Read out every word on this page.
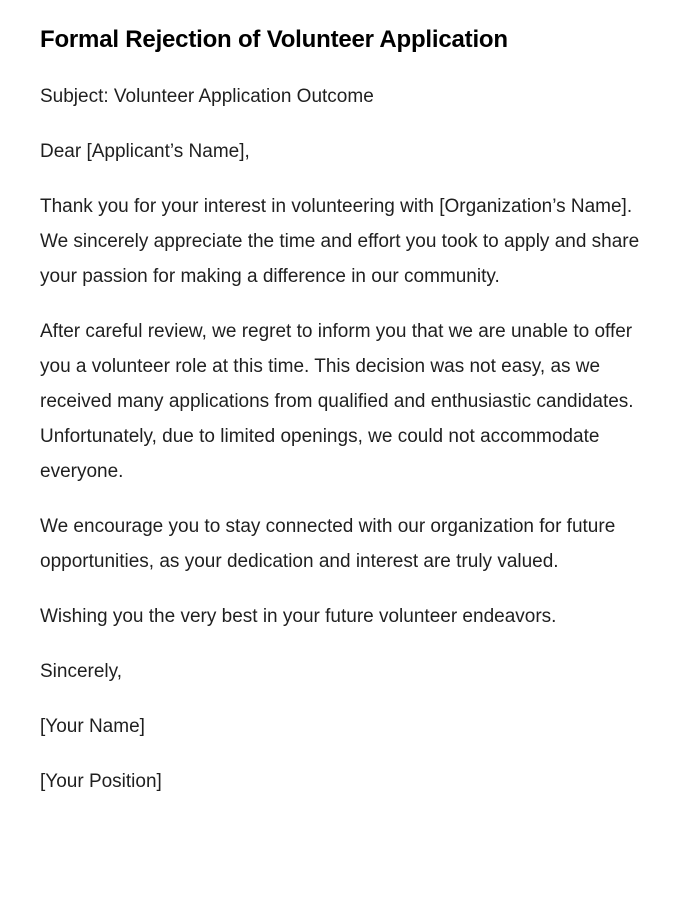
Formal Rejection of Volunteer Application

Subject: Volunteer Application Outcome

Dear [Applicant’s Name],

Thank you for your interest in volunteering with [Organization’s Name]. We sincerely appreciate the time and effort you took to apply and share your passion for making a difference in our community.

After careful review, we regret to inform you that we are unable to offer you a volunteer role at this time. This decision was not easy, as we received many applications from qualified and enthusiastic candidates. Unfortunately, due to limited openings, we could not accommodate everyone.

We encourage you to stay connected with our organization for future opportunities, as your dedication and interest are truly valued.

Wishing you the very best in your future volunteer endeavors.

Sincerely,

[Your Name]

[Your Position]
